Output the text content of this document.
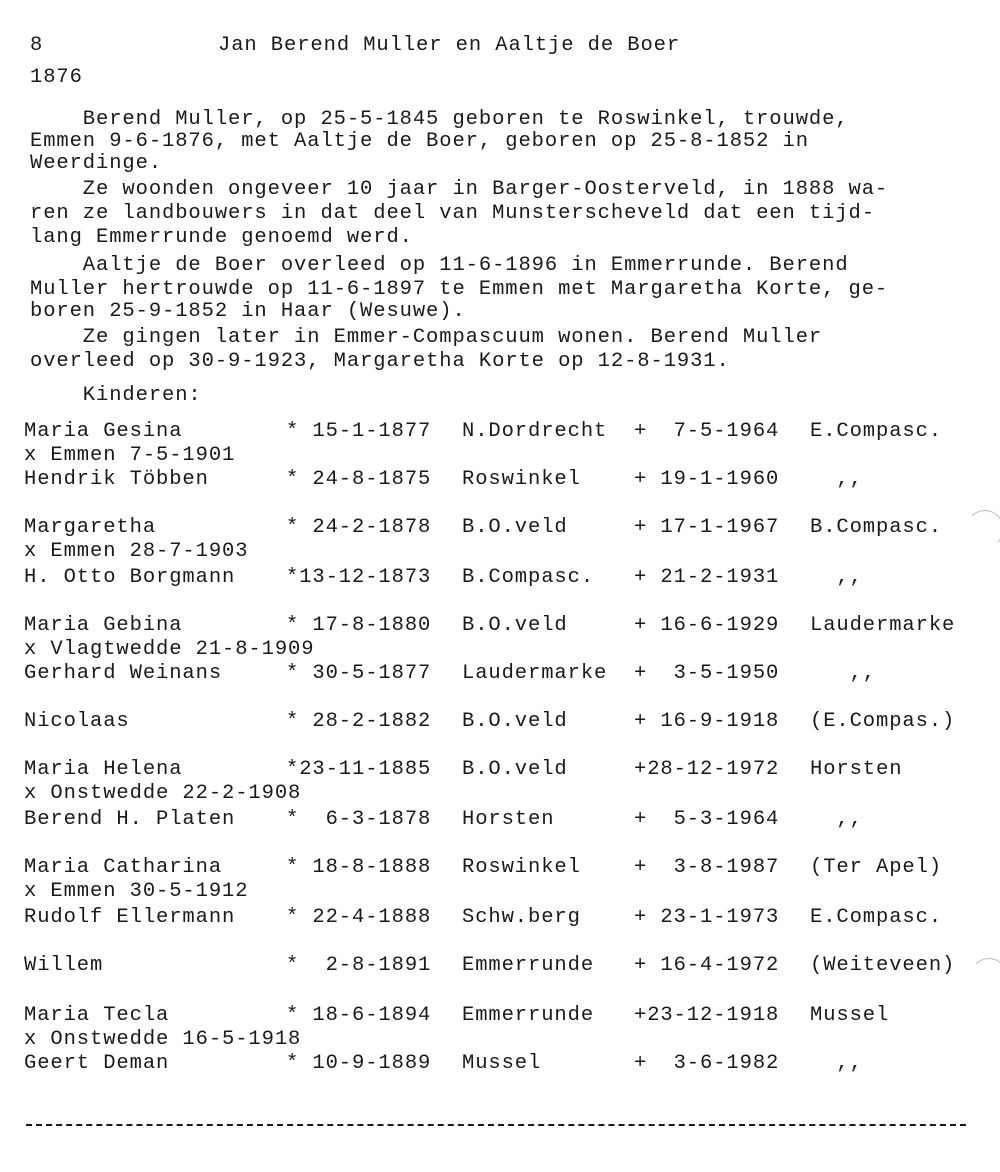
8	Jan Berend Muller en Aaltje de Boer
1876
Berend Muller, op 25-5-1845 geboren te Roswinkel, trouwde,
Emmen 9-6-1876, met Aaltje de Boer, geboren op 25-8-1852 in
Weerdinge.
Ze woonden ongeveer 10 jaar in Barger-Oosterveld, in 1888 wa-
ren ze landbouwers in dat deel van Munsterscheveld dat een tijd-
lang Emmerrunde genoemd werd.
Aaltje de Boer overleed op 11-6-1896 in Emmerrunde. Berend
Muller hertrouwde op 11-6-1897 te Emmen met Margaretha Korte, ge-
boren 25-9-1852 in Haar (Wesuwe).
Ze gingen later in Emmer-Compascuum wonen. Berend Muller
overleed op 30-9-1923, Margaretha Korte op 12-8-1931.
Kinderen:
Maria Gesina	* 15-1-1877 N.Dordrecht +  7-5-1964 E.Compasc.
x Emmen 7-5-1901
Hendrik Többen	* 24-8-1875 Roswinkel	+ 19-1-1960 ,,
Margaretha	* 24-2-1878 B.O.veld	+ 17-1-1967 B.Compasc.
x Emmen 28-7-1903
H. Otto Borgmann *13-12-1873 B.Compasc. + 21-2-1931 ,,
Maria Gebina	* 17-8-1880 B.O.veld	+ 16-6-1929 Laudermarke
x Vlagtwedde 21-8-1909
Gerhard Weinans	* 30-5-1877 Laudermarke +  3-5-1950 ,,
Nicolaas	* 28-2-1882 B.O.veld	+ 16-9-1918 (E.Compas.)
Maria Helena	*23-11-1885 B.O.veld	+28-12-1972 Horsten
x Onstwedde 22-2-1908
Berend H. Platen *  6-3-1878 Horsten	+  5-3-1964 ,,
Maria Catharina	* 18-8-1888 Roswinkel	+  3-8-1987 (Ter Apel)
x Emmen 30-5-1912
Rudolf Ellermann * 22-4-1888 Schw.berg	+ 23-1-1973 E.Compasc.
Willem	*  2-8-1891 Emmerrunde + 16-4-1972 (Weiteveen)
Maria Tecla	* 18-6-1894 Emmerrunde +23-12-1918 Mussel
x Onstwedde 16-5-1918
Geert Deman	* 10-9-1889 Mussel	+  3-6-1982 ,,
